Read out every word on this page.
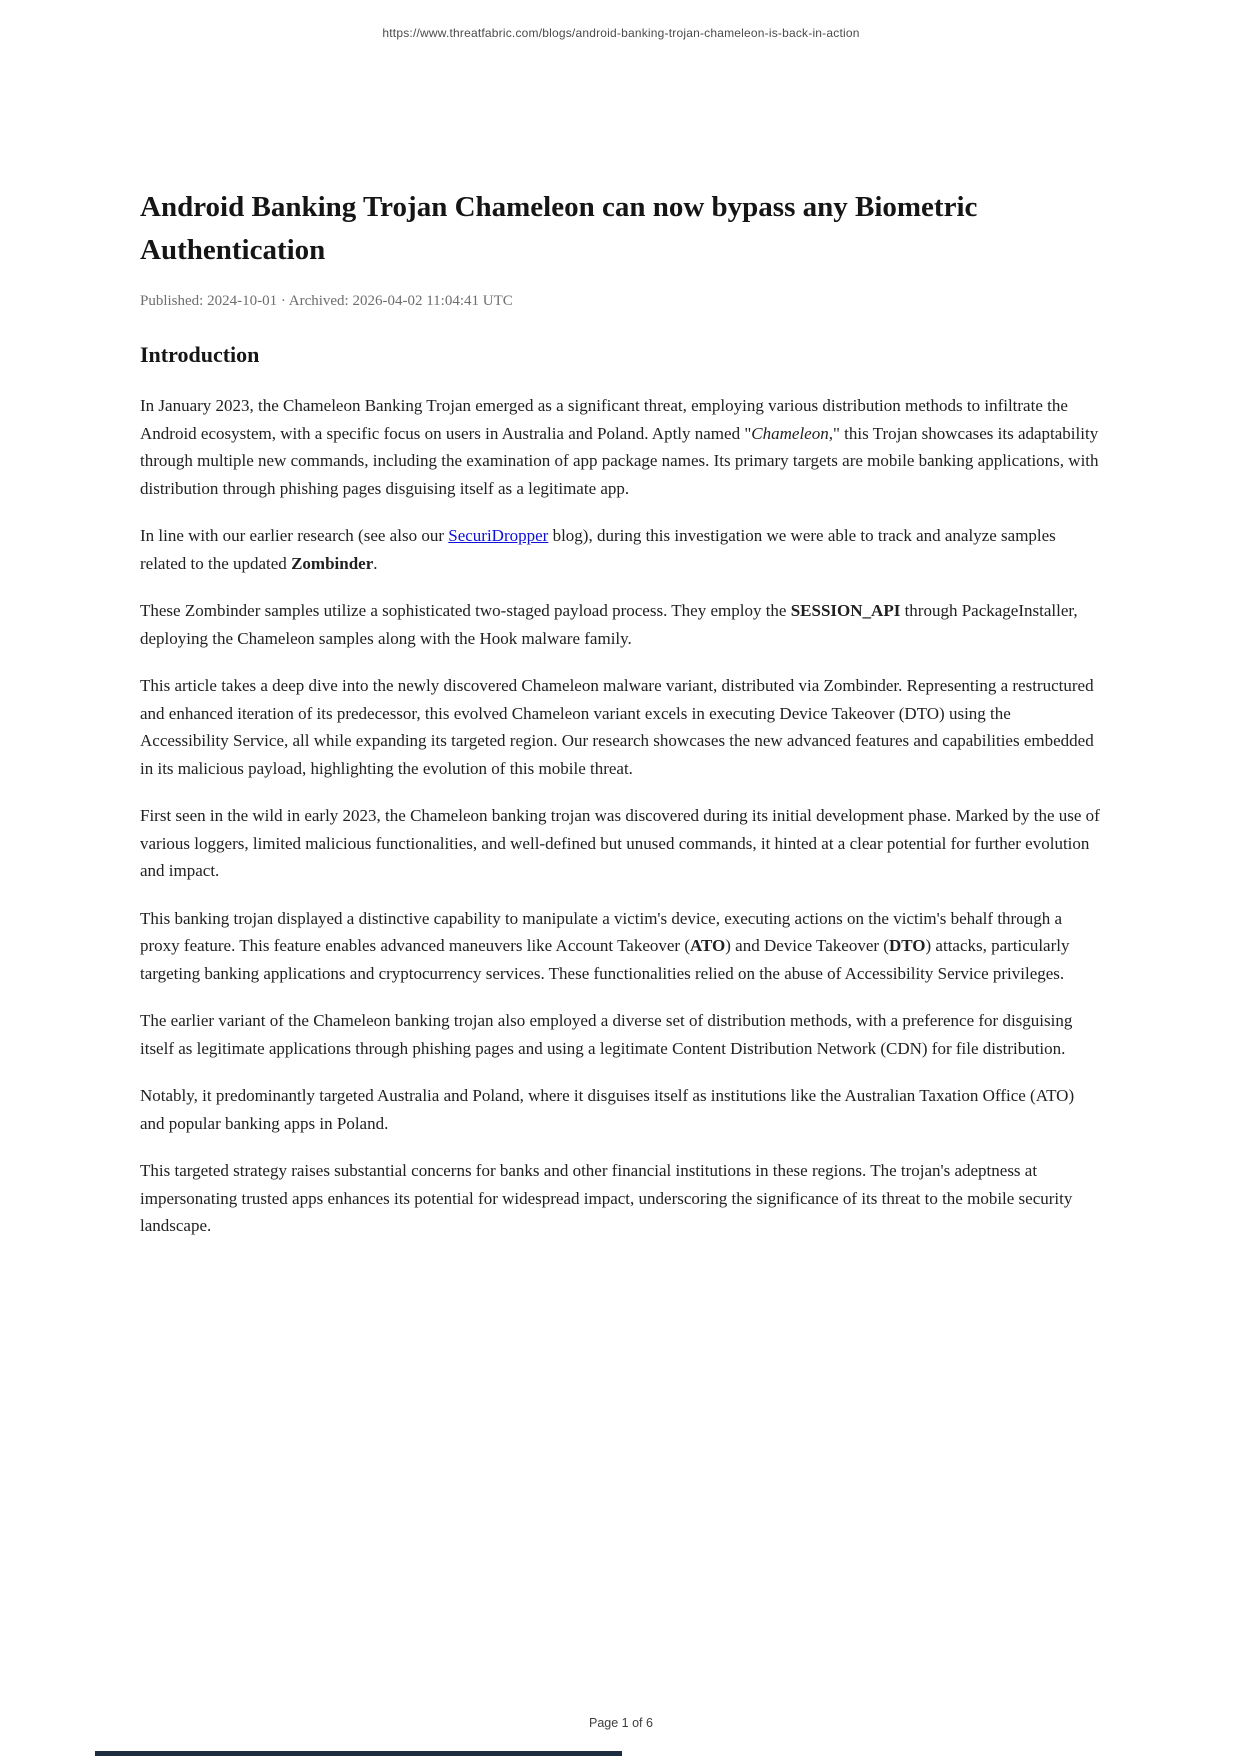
https://www.threatfabric.com/blogs/android-banking-trojan-chameleon-is-back-in-action
Android Banking Trojan Chameleon can now bypass any Biometric Authentication

Published: 2024-10-01 · Archived: 2026-04-02 11:04:41 UTC

Introduction

In January 2023, the Chameleon Banking Trojan emerged as a significant threat, employing various distribution methods to infiltrate the Android ecosystem, with a specific focus on users in Australia and Poland. Aptly named "Chameleon," this Trojan showcases its adaptability through multiple new commands, including the examination of app package names. Its primary targets are mobile banking applications, with distribution through phishing pages disguising itself as a legitimate app.

In line with our earlier research (see also our SecuriDropper blog), during this investigation we were able to track and analyze samples related to the updated Zombinder.

These Zombinder samples utilize a sophisticated two-staged payload process. They employ the SESSION_API through PackageInstaller, deploying the Chameleon samples along with the Hook malware family.

This article takes a deep dive into the newly discovered Chameleon malware variant, distributed via Zombinder. Representing a restructured and enhanced iteration of its predecessor, this evolved Chameleon variant excels in executing Device Takeover (DTO) using the Accessibility Service, all while expanding its targeted region. Our research showcases the new advanced features and capabilities embedded in its malicious payload, highlighting the evolution of this mobile threat.

First seen in the wild in early 2023, the Chameleon banking trojan was discovered during its initial development phase. Marked by the use of various loggers, limited malicious functionalities, and well-defined but unused commands, it hinted at a clear potential for further evolution and impact.

This banking trojan displayed a distinctive capability to manipulate a victim's device, executing actions on the victim's behalf through a proxy feature. This feature enables advanced maneuvers like Account Takeover (ATO) and Device Takeover (DTO) attacks, particularly targeting banking applications and cryptocurrency services. These functionalities relied on the abuse of Accessibility Service privileges.

The earlier variant of the Chameleon banking trojan also employed a diverse set of distribution methods, with a preference for disguising itself as legitimate applications through phishing pages and using a legitimate Content Distribution Network (CDN) for file distribution.

Notably, it predominantly targeted Australia and Poland, where it disguises itself as institutions like the Australian Taxation Office (ATO) and popular banking apps in Poland.

This targeted strategy raises substantial concerns for banks and other financial institutions in these regions. The trojan's adeptness at impersonating trusted apps enhances its potential for widespread impact, underscoring the significance of its threat to the mobile security landscape.

Page 1 of 6
